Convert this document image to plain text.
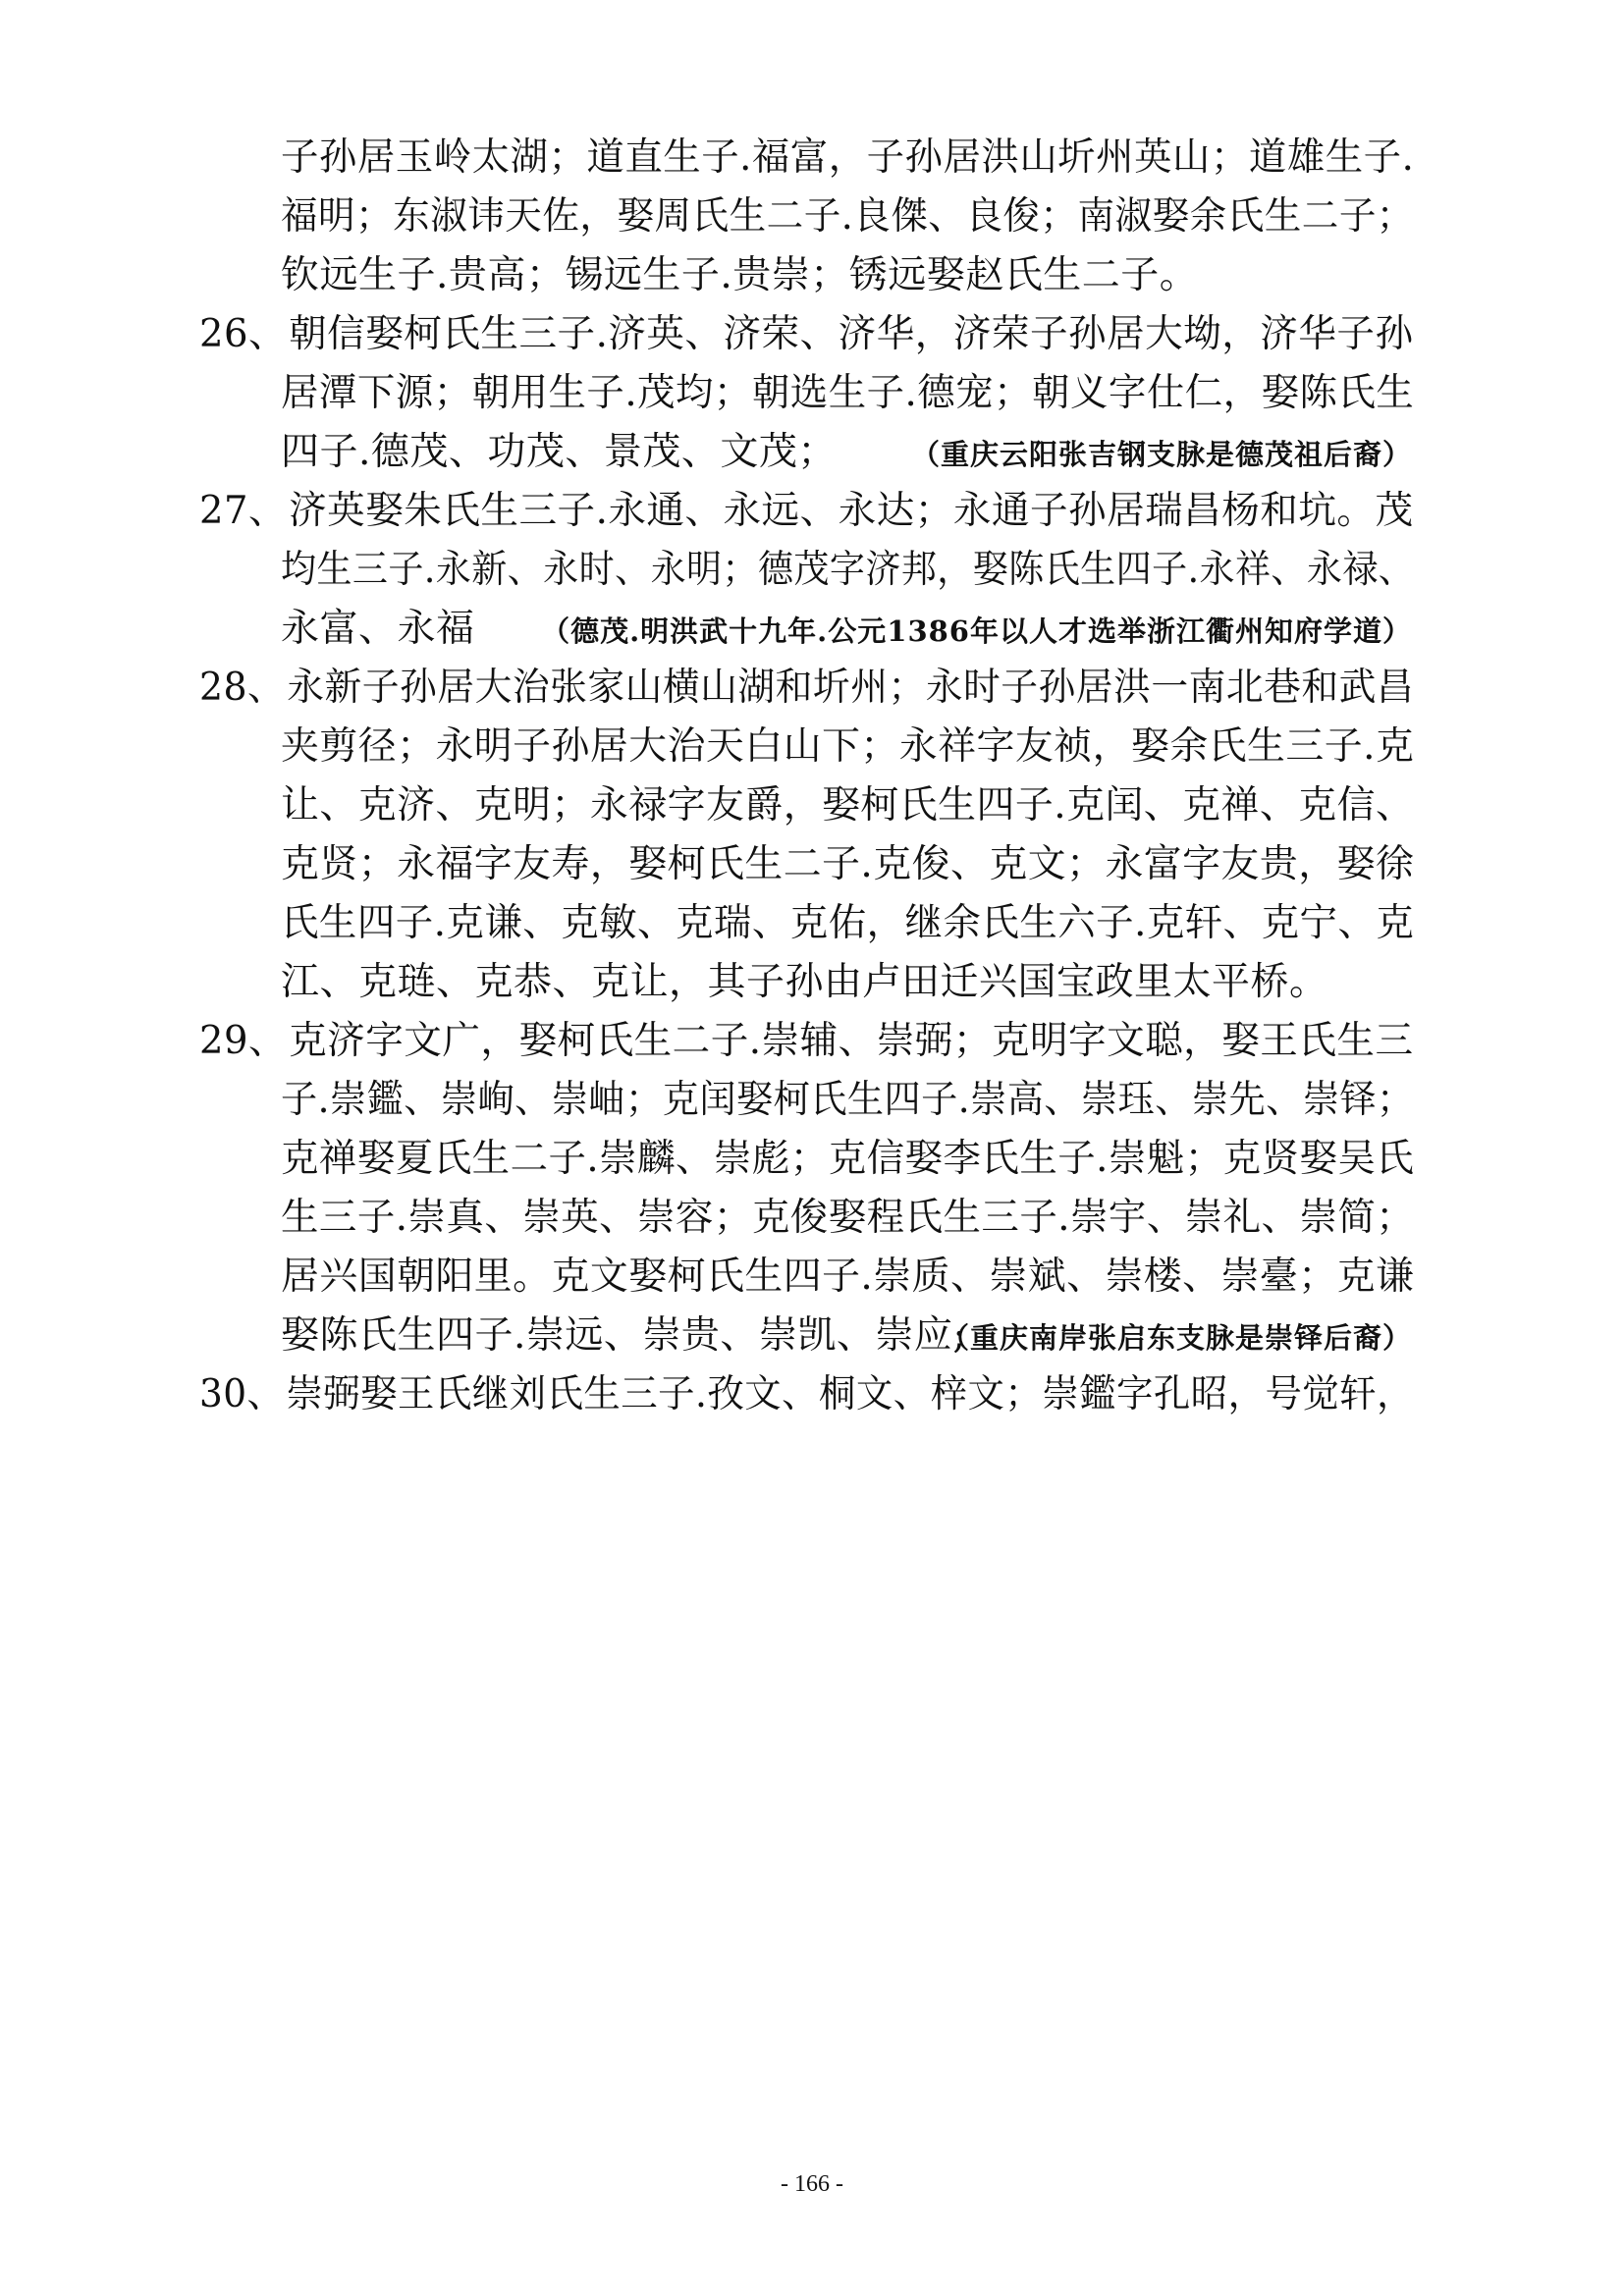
子孙居玉岭太湖；道直生子.福富，子孙居洪山圻州英山；道雄生子.
福明；东淑讳天佐，娶周氏生二子.良傑、良俊；南淑娶余氏生二子；
钦远生子.贵高；锡远生子.贵崇；锈远娶赵氏生二子。
26、朝信娶柯氏生三子.济英、济荣、济华，济荣子孙居大坳，济华子孙
居潭下源；朝用生子.茂均；朝选生子.德宠；朝义字仕仁，娶陈氏生
四子.德茂、功茂、景茂、文茂；	（重庆云阳张吉钢支脉是德茂祖后裔）
27、济英娶朱氏生三子.永通、永远、永达；永通子孙居瑞昌杨和坑。茂
均生三子.永新、永时、永明；德茂字济邦，娶陈氏生四子.永祥、永禄、
永富、永福	（德茂.明洪武十九年.公元1386年以人才选举浙江衢州知府学道）
28、永新子孙居大治张家山横山湖和圻州；永时子孙居洪一南北巷和武昌
夹剪径；永明子孙居大治天白山下；永祥字友祯，娶余氏生三子.克
让、克济、克明；永禄字友爵，娶柯氏生四子.克闰、克禅、克信、
克贤；永福字友寿，娶柯氏生二子.克俊、克文；永富字友贵，娶徐
氏生四子.克谦、克敏、克瑞、克佑，继余氏生六子.克轩、克宁、克
江、克琏、克恭、克让，其子孙由卢田迁兴国宝政里太平桥。
29、克济字文广，娶柯氏生二子.崇辅、崇弼；克明字文聪，娶王氏生三
子.崇鑑、崇峋、崇岫；克闰娶柯氏生四子.崇高、崇珏、崇先、崇铎；
克禅娶夏氏生二子.崇麟、崇彪；克信娶李氏生子.崇魁；克贤娶吴氏
生三子.崇真、崇英、崇容；克俊娶程氏生三子.崇宇、崇礼、崇简；
居兴国朝阳里。克文娶柯氏生四子.崇质、崇斌、崇楼、崇臺；克谦
娶陈氏生四子.崇远、崇贵、崇凯、崇应;
（重庆南岸张启东支脉是崇铎后裔）
30、崇弼娶王氏继刘氏生三子.孜文、桐文、梓文；崇鑑字孔昭，号觉轩，
- 166 -
